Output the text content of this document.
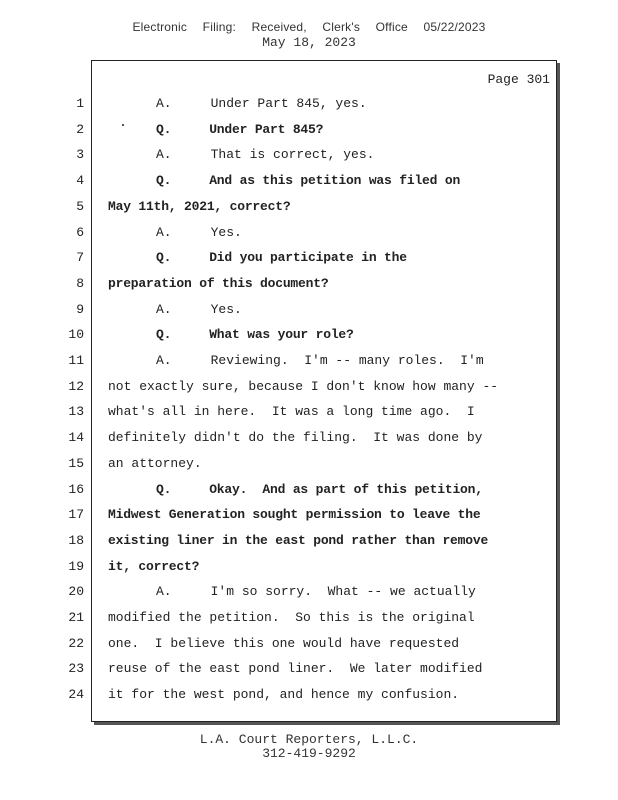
Electronic Filing: Received, Clerk's Office 05/22/2023
May 18, 2023
Page 301
1	A.     Under Part 845, yes.
2	Q.     Under Part 845?
3	A.     That is correct, yes.
4	Q.     And as this petition was filed on
5 May 11th, 2021, correct?
6	A.     Yes.
7	Q.     Did you participate in the
8 preparation of this document?
9	A.     Yes.
10	Q.     What was your role?
11	A.     Reviewing.  I'm -- many roles.  I'm
12 not exactly sure, because I don't know how many --
13 what's all in here.  It was a long time ago.  I
14 definitely didn't do the filing.  It was done by
15 an attorney.
16	Q.     Okay.  And as part of this petition,
17 Midwest Generation sought permission to leave the
18 existing liner in the east pond rather than remove
19 it, correct?
20	A.     I'm so sorry.  What -- we actually
21 modified the petition.  So this is the original
22 one.  I believe this one would have requested
23 reuse of the east pond liner.  We later modified
24 it for the west pond, and hence my confusion.
L.A. Court Reporters, L.L.C.
312-419-9292
